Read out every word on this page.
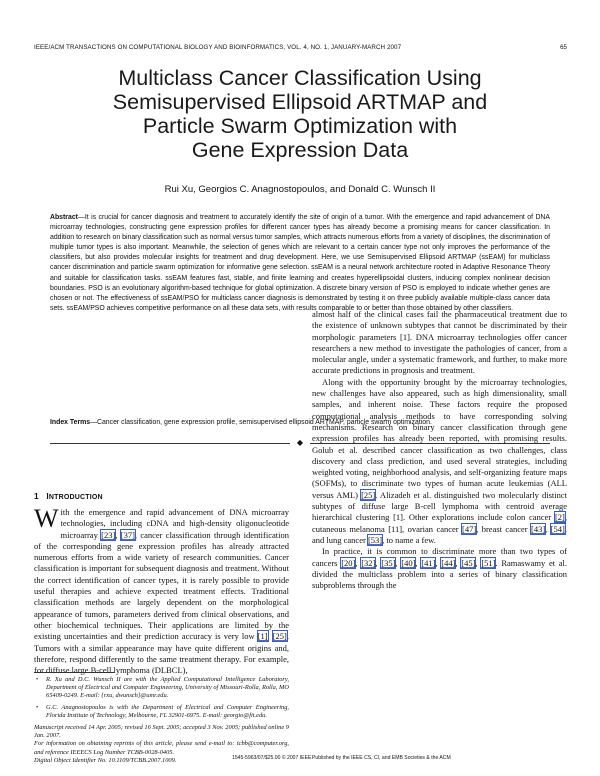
IEEE/ACM TRANSACTIONS ON COMPUTATIONAL BIOLOGY AND BIOINFORMATICS, VOL. 4, NO. 1, JANUARY-MARCH 2007	65
Multiclass Cancer Classification Using
Semisupervised Ellipsoid ARTMAP and
Particle Swarm Optimization with
Gene Expression Data
Rui Xu, Georgios C. Anagnostopoulos, and Donald C. Wunsch II
Abstract—It is crucial for cancer diagnosis and treatment to accurately identify the site of origin of a tumor. With the emergence and rapid advancement of DNA microarray technologies, constructing gene expression profiles for different cancer types has already become a promising means for cancer classification. In addition to research on binary classification such as normal versus tumor samples, which attracts numerous efforts from a variety of disciplines, the discrimination of multiple tumor types is also important. Meanwhile, the selection of genes which are relevant to a certain cancer type not only improves the performance of the classifiers, but also provides molecular insights for treatment and drug development. Here, we use Semisupervised Ellipsoid ARTMAP (ssEAM) for multiclass cancer discrimination and particle swarm optimization for informative gene selection. ssEAM is a neural network architecture rooted in Adaptive Resonance Theory and suitable for classification tasks. ssEAM features fast, stable, and finite learning and creates hyperellipsoidal clusters, inducing complex nonlinear decision boundaries. PSO is an evolutionary algorithm-based technique for global optimization. A discrete binary version of PSO is employed to indicate whether genes are chosen or not. The effectiveness of ssEAM/PSO for multiclass cancer diagnosis is demonstrated by testing it on three publicly available multiple-class cancer data sets. ssEAM/PSO achieves competitive performance on all these data sets, with results comparable to or better than those obtained by other classifiers.
Index Terms—Cancer classification, gene expression profile, semisupervised ellipsoid ARTMAP, particle swarm optimization.
◆
1 INTRODUCTION

With the emergence and rapid advancement of DNA microarray technologies, including cDNA and high-density oligonucleotide microarray [23], [37], cancer classification through identification of the corresponding gene expression profiles has already attracted numerous efforts from a wide variety of research communities. Cancer classification is important for subsequent diagnosis and treatment. Without the correct identification of cancer types, it is rarely possible to provide useful therapies and achieve expected treatment effects. Traditional classification methods are largely dependent on the morphological appearance of tumors, parameters derived from clinical observations, and other biochemical techniques. Their applications are limited by the existing uncertainties and their prediction accuracy is very low [1], [25]. Tumors with a similar appearance may have quite different origins and, therefore, respond differently to the same treatment therapy. For example, for diffuse large B-cell lymphoma (DLBCL),

almost half of the clinical cases fail the pharmaceutical treatment due to the existence of unknown subtypes that cannot be discriminated by their morphologic parameters [1]. DNA microarray technologies offer cancer researchers a new method to investigate the pathologies of cancer, from a molecular angle, under a systematic framework, and further, to make more accurate predictions in prognosis and treatment.

Along with the opportunity brought by the microarray technologies, new challenges have also appeared, such as high dimensionality, small samples, and inherent noise. These factors require the proposed computational analysis methods to have corresponding solving mechanisms. Research on binary cancer classification through gene expression profiles has already been reported, with promising results. Golub et al. described cancer classification as two challenges, class discovery and class prediction, and used several strategies, including weighted voting, neighborhood analysis, and self-organizing feature maps (SOFMs), to discriminate two types of human acute leukemias (ALL versus AML) [25]. Alizadeh et al. distinguished two molecularly distinct subtypes of diffuse large B-cell lymphoma with centroid average hierarchical clustering [1]. Other explorations include colon cancer [2], cutaneous melanoma [11], ovarian cancer [47], breast cancer [43], [54], and lung cancer [53], to name a few.

In practice, it is common to discriminate more than two types of cancers [20], [32], [35], [40], [41], [44], [45], [51]. Ramaswamy et al. divided the multiclass problem into a series of binary classification subproblems through the

• R. Xu and D.C. Wunsch II are with the Applied Computational Intelligence Laboratory, Department of Electrical and Computer Engineering, University of Missouri-Rolla, Rolla, MO 65409-0249. E-mail: {rxu, dwunsch}@umr.edu.
• G.C. Anagnostopoulos is with the Department of Electrical and Computer Engineering, Florida Institute of Technology, Melbourne, FL 32901-6975. E-mail: georgio@fit.edu.
Manuscript received 14 Apr. 2005; revised 16 Sept. 2005; accepted 3 Nov. 2005; published online 9 Jan. 2007.
For information on obtaining reprints of this article, please send e-mail to: tcbb@computer.org, and reference IEEECS Log Number TCBB-0028-0405.
Digital Object Identifier No. 10.1109/TCBB.2007.1009.	1545-5963/07/$25.00 © 2007 IEEE Published by the IEEE CS, CI, and EMB Societies & the ACM
